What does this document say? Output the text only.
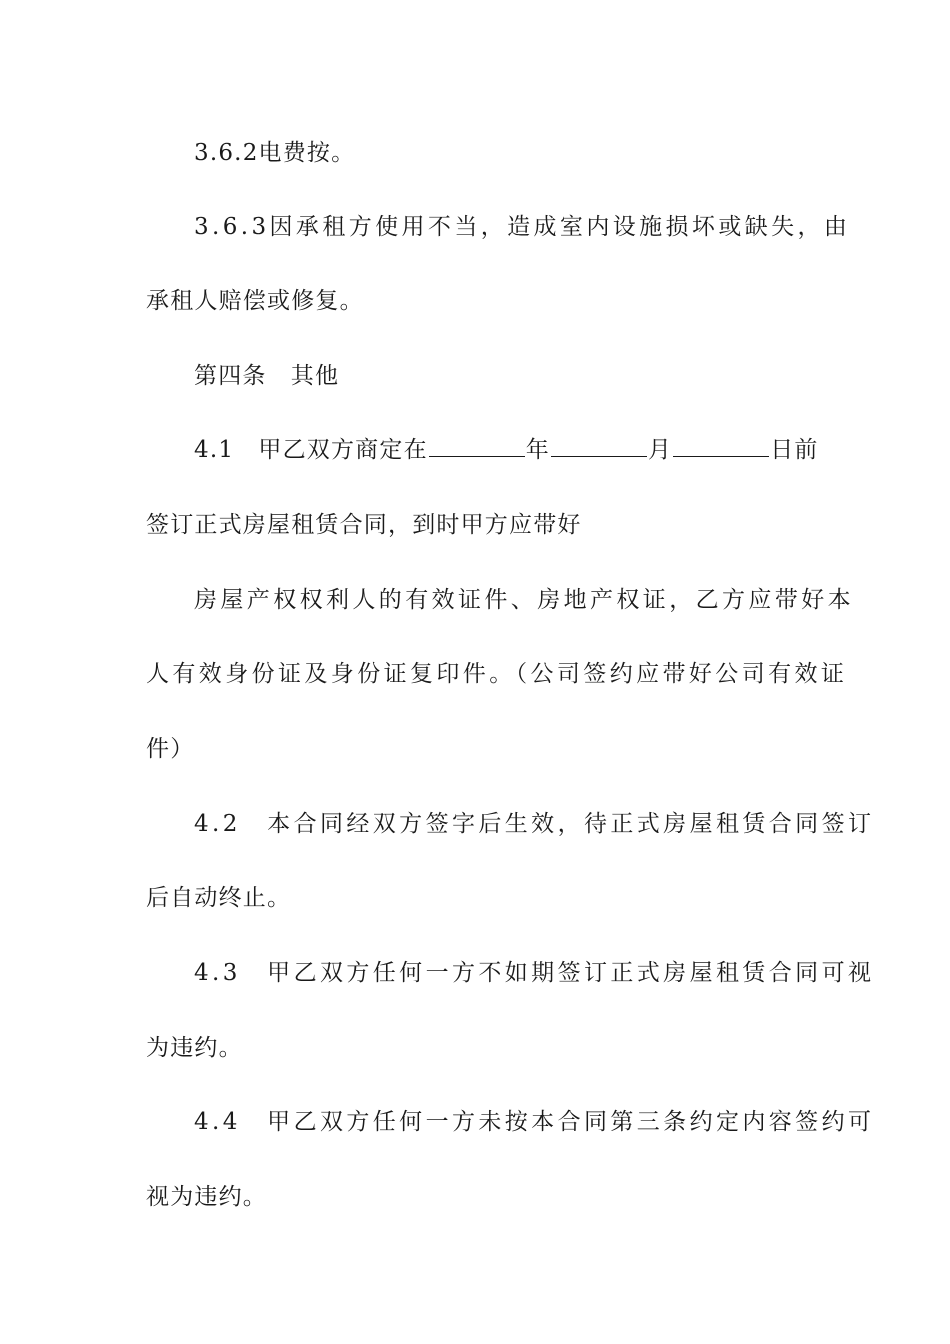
3.6.2电费按。
3.6.3因承租方使用不当，造成室内设施损坏或缺失，由
承租人赔偿或修复。
第四条　其他
4.1　甲乙双方商定在	年	月	日前
签订正式房屋租赁合同，到时甲方应带好
房屋产权权利人的有效证件、房地产权证，乙方应带好本
人有效身份证及身份证复印件。（公司签约应带好公司有效证
件）
4.2　本合同经双方签字后生效，待正式房屋租赁合同签订
后自动终止。
4.3　甲乙双方任何一方不如期签订正式房屋租赁合同可视
为违约。
4.4　甲乙双方任何一方未按本合同第三条约定内容签约可
视为违约。
